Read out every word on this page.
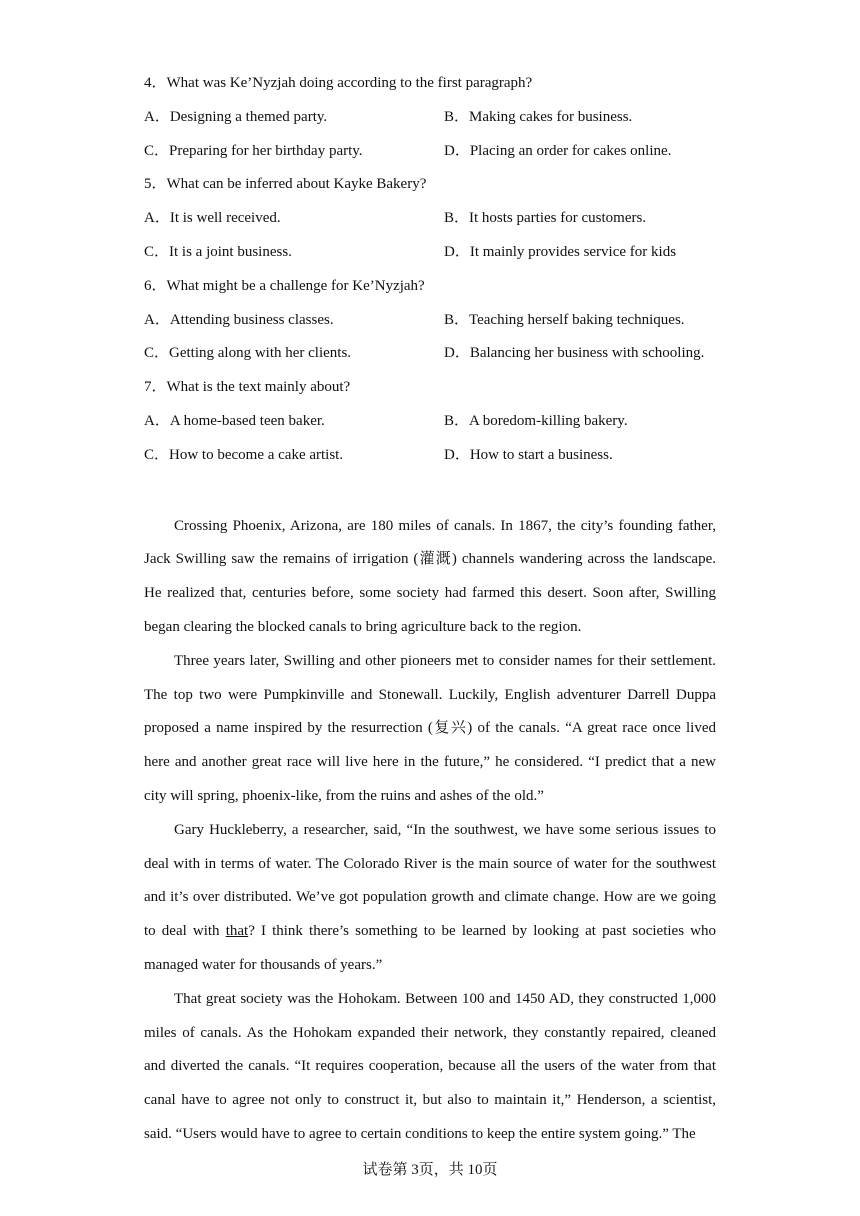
4．What was Ke’Nyzjah doing according to the first paragraph?
A．Designing a themed party.	B．Making cakes for business.
C．Preparing for her birthday party.	D．Placing an order for cakes online.
5．What can be inferred about Kayke Bakery?
A．It is well received.	B．It hosts parties for customers.
C．It is a joint business.	D．It mainly provides service for kids
6．What might be a challenge for Ke’Nyzjah?
A．Attending business classes.	B．Teaching herself baking techniques.
C．Getting along with her clients.	D．Balancing her business with schooling.
7．What is the text mainly about?
A．A home-based teen baker.	B．A boredom-killing bakery.
C．How to become a cake artist.	D．How to start a business.

Crossing Phoenix, Arizona, are 180 miles of canals. In 1867, the city’s founding father, Jack Swilling saw the remains of irrigation (灌溉) channels wandering across the landscape. He realized that, centuries before, some society had farmed this desert. Soon after, Swilling began clearing the blocked canals to bring agriculture back to the region.

Three years later, Swilling and other pioneers met to consider names for their settlement. The top two were Pumpkinville and Stonewall. Luckily, English adventurer Darrell Duppa proposed a name inspired by the resurrection (复兴) of the canals. “A great race once lived here and another great race will live here in the future,” he considered. “I predict that a new city will spring, phoenix-like, from the ruins and ashes of the old.”

Gary Huckleberry, a researcher, said, “In the southwest, we have some serious issues to deal with in terms of water. The Colorado River is the main source of water for the southwest and it’s over distributed. We’ve got population growth and climate change. How are we going to deal with that? I think there’s something to be learned by looking at past societies who managed water for thousands of years.”

That great society was the Hohokam. Between 100 and 1450 AD, they constructed 1,000 miles of canals. As the Hohokam expanded their network, they constantly repaired, cleaned and diverted the canals. “It requires cooperation, because all the users of the water from that canal have to agree not only to construct it, but also to maintain it,” Henderson, a scientist, said. “Users would have to agree to certain conditions to keep the entire system going.” The

试卷第 3页，共 10页
